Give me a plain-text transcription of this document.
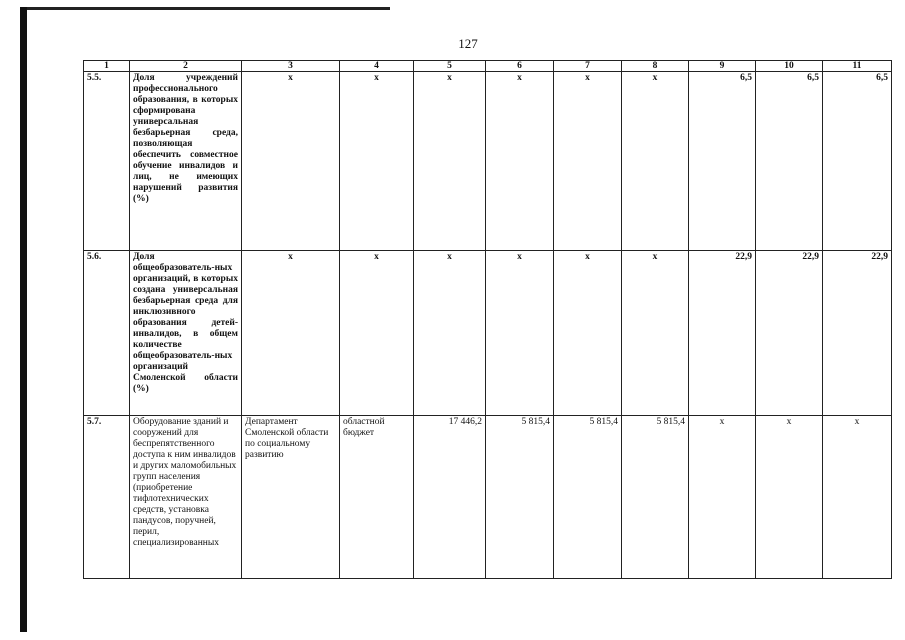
127
1	2	3	4	5	6	7	8	9	10	11
5.5.	Доля учреждений профессионального образования, в которых сформирована универсальная безбарьерная среда, позволяющая обеспечить совместное обучение инвалидов и лиц, не имеющих нарушений развития (%)	x	x	x	x	x	x	6,5	6,5	6,5
5.6.	Доля общеобразователь-ных организаций, в которых создана универсальная безбарьерная среда для инклюзивного образования детей-инвалидов, в общем количестве общеобразователь-ных организаций Смоленской области (%)	x	x	x	x	x	x	22,9	22,9	22,9
5.7.	Оборудование зданий и сооружений для беспрепятственного доступа к ним инвалидов и других маломобильных групп населения (приобретение тифлотехнических средств, установка пандусов, поручней, перил, специализированных	Департамент Смоленской области по социальному развитию	областной бюджет	17 446,2	5 815,4	5 815,4	5 815,4	x	x	x
